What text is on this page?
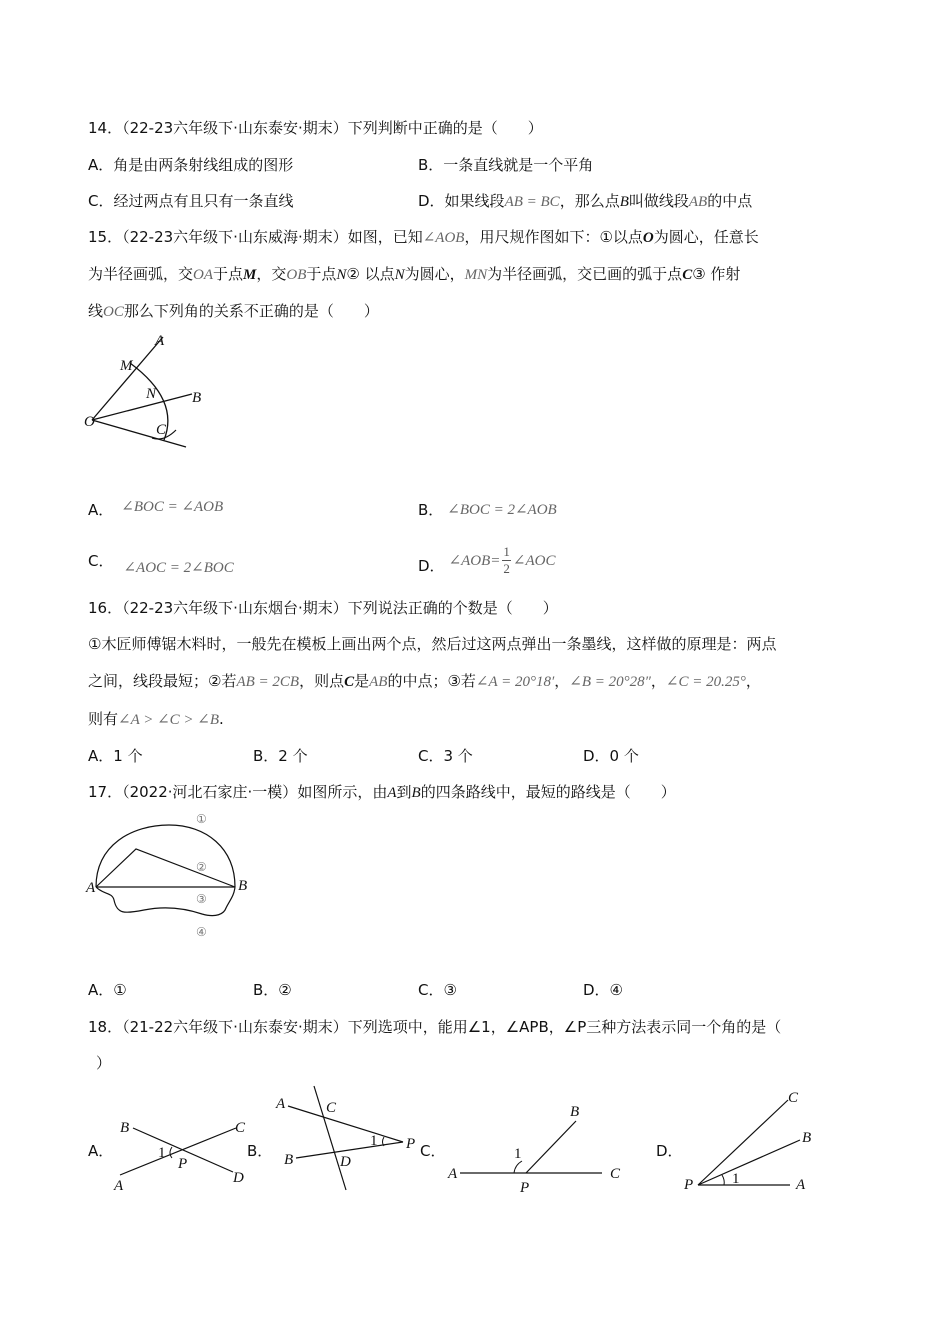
14．（22-23六年级下·山东泰安·期末）下列判断中正确的是（　　）
A．角是由两条射线组成的图形	B．一条直线就是一个平角
C．经过两点有且只有一条直线	D．如果线段AB = BC，那么点B叫做线段AB的中点
15．（22-23六年级下·山东威海·期末）如图，已知∠AOB，用尺规作图如下：①以点O为圆心，任意长
为半径画弧，交OA于点M，交OB于点N② 以点N为圆心，MN为半径画弧，交已画的弧于点C③ 作射
线OC那么下列角的关系不正确的是（　　）
A
M
N B
O	C
A． ∠BOC = ∠AOB	B． ∠BOC = 2∠AOB
C． ∠AOC = 2∠BOC	D． ∠AOB= $\frac{1}{2}$ ∠AOC
16．（22-23六年级下·山东烟台·期末）下列说法正确的个数是（　　）
①木匠师傅锯木料时，一般先在模板上画出两个点，然后过这两点弹出一条墨线，这样做的原理是：两点
之间，线段最短；②若AB = 2CB，则点C是AB的中点；③若∠A = 20°18′，∠B = 20°28″，∠C = 20.25°，
则有∠A > ∠C > ∠B.
A．1 个	B．2 个	C．3 个	D．0 个
17．（2022·河北石家庄·一模）如图所示，由A到B的四条路线中，最短的路线是（　　）
A	B
①
②
③
④
A．①	B．②	C．③	D．④
18．（21-22六年级下·山东泰安·期末）下列选项中，能用∠1，∠APB，∠P三种方法表示同一个角的是（
）
A．
B	C
1
P
A	D
B．
A	C
1 P
B	D
C．
B
1
A
P
C
D．
C
B
P	1	A
